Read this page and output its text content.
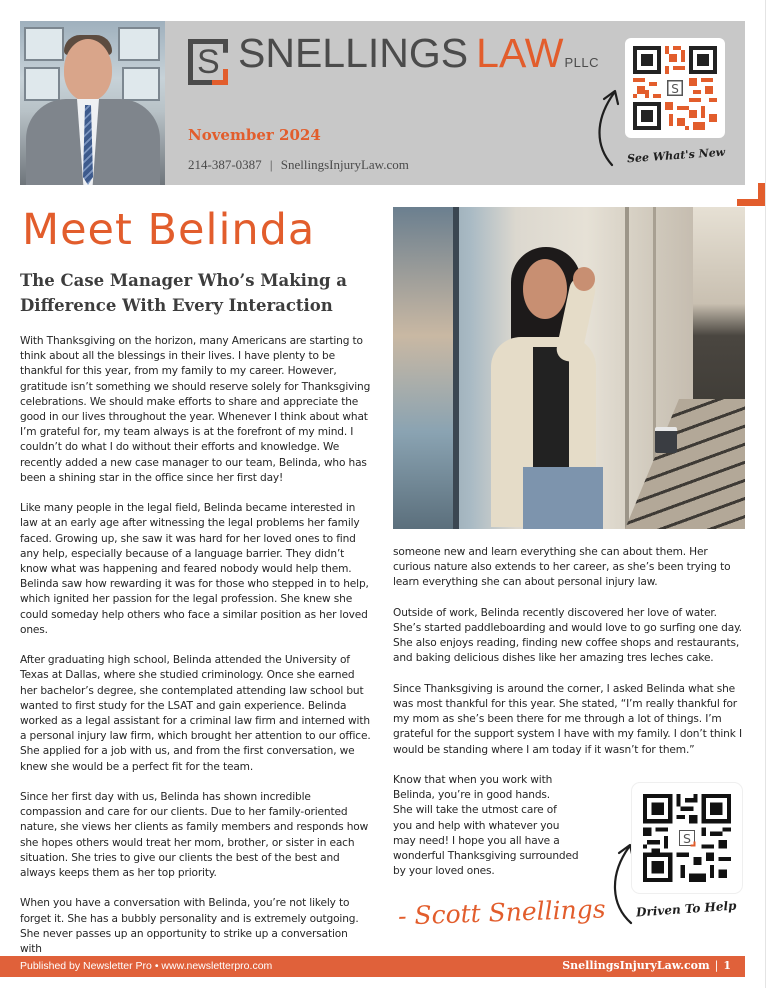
S SNELLINGS LAWPLLC
November 2024
214-387-0387 | SnellingsInjuryLaw.com
S
See What's New
Meet Belinda
The Case Manager Who’s Making a Difference With Every Interaction

With Thanksgiving on the horizon, many Americans are starting to think about all the blessings in their lives. I have plenty to be thankful for this year, from my family to my career. However, gratitude isn’t something we should reserve solely for Thanksgiving celebrations. We should make efforts to share and appreciate the good in our lives throughout the year. Whenever I think about what I’m grateful for, my team always is at the forefront of my mind. I couldn’t do what I do without their efforts and knowledge. We recently added a new case manager to our team, Belinda, who has been a shining star in the office since her first day!

Like many people in the legal field, Belinda became interested in law at an early age after witnessing the legal problems her family faced. Growing up, she saw it was hard for her loved ones to find any help, especially because of a language barrier. They didn’t know what was happening and feared nobody would help them. Belinda saw how rewarding it was for those who stepped in to help, which ignited her passion for the legal profession. She knew she could someday help others who face a similar position as her loved ones.

After graduating high school, Belinda attended the University of Texas at Dallas, where she studied criminology. Once she earned her bachelor’s degree, she contemplated attending law school but wanted to first study for the LSAT and gain experience. Belinda worked as a legal assistant for a criminal law firm and interned with a personal injury law firm, which brought her attention to our office. She applied for a job with us, and from the first conversation, we knew she would be a perfect fit for the team.

Since her first day with us, Belinda has shown incredible compassion and care for our clients. Due to her family-oriented nature, she views her clients as family members and responds how she hopes others would treat her mom, brother, or sister in each situation. She tries to give our clients the best of the best and always keeps them as her top priority.

When you have a conversation with Belinda, you’re not likely to forget it. She has a bubbly personality and is extremely outgoing. She never passes up an opportunity to strike up a conversation with

someone new and learn everything she can about them. Her curious nature also extends to her career, as she’s been trying to learn everything she can about personal injury law.

Outside of work, Belinda recently discovered her love of water. She’s started paddleboarding and would love to go surfing one day. She also enjoys reading, finding new coffee shops and restaurants, and baking delicious dishes like her amazing tres leches cake.

Since Thanksgiving is around the corner, I asked Belinda what she was most thankful for this year. She stated, “I’m really thankful for my mom as she’s been there for me through a lot of things. I’m grateful for the support system I have with my family. I don’t think I would be standing where I am today if it wasn’t for them.”

Know that when you work with
Belinda, you’re in good hands.
She will take the utmost care of
you and help with whatever you
may need! I hope you all have a
wonderful Thanksgiving surrounded
by your loved ones.

- Scott Snellings
S
Driven To Help
Published by Newsletter Pro • www.newsletterpro.com	SnellingsInjuryLaw.com | 1
